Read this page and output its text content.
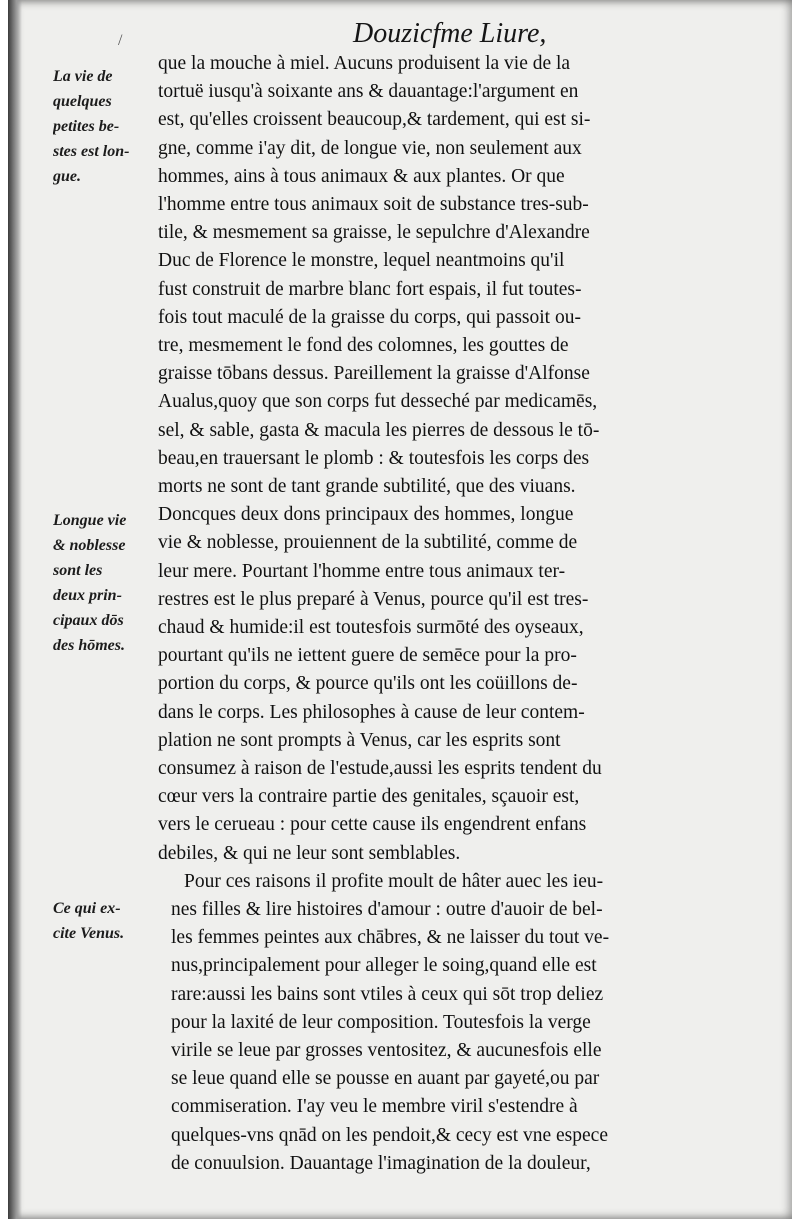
/	Douzicfme Liure,
La vie de
quelques
petites be-
stes est lon-
gue.
Longue vie
& noblesse
sont les
deux prin-
cipaux dōs
des hōmes.
Ce qui ex-
cite Venus.
que la mouche à miel. Aucuns produisent la vie de la
tortuë iusqu'à soixante ans & dauantage:l'argument en
est, qu'elles croissent beaucoup,& tardement, qui est si-
gne, comme i'ay dit, de longue vie, non seulement aux
hommes, ains à tous animaux & aux plantes. Or que
l'homme entre tous animaux soit de substance tres-sub-
tile, & mesmement sa graisse, le sepulchre d'Alexandre
Duc de Florence le monstre, lequel neantmoins qu'il
fust construit de marbre blanc fort espais, il fut toutes-
fois tout maculé de la graisse du corps, qui passoit ou-
tre, mesmement le fond des colomnes, les gouttes de
graisse tōbans dessus. Pareillement la graisse d'Alfonse
Aualus,quoy que son corps fut desseché par medicamēs,
sel, & sable, gasta & macula les pierres de dessous le tō-
beau,en trauersant le plomb : & toutesfois les corps des
morts ne sont de tant grande subtilité, que des viuans.
Doncques deux dons principaux des hommes, longue
vie & noblesse, prouiennent de la subtilité, comme de
leur mere. Pourtant l'homme entre tous animaux ter-
restres est le plus preparé à Venus, pource qu'il est tres-
chaud & humide:il est toutesfois surmōté des oyseaux,
pourtant qu'ils ne iettent guere de semēce pour la pro-
portion du corps, & pource qu'ils ont les coüillons de-
dans le corps. Les philosophes à cause de leur contem-
plation ne sont prompts à Venus, car les esprits sont
consumez à raison de l'estude,aussi les esprits tendent du
cœur vers la contraire partie des genitales, sçauoir est,
vers le cerueau : pour cette cause ils engendrent enfans
debiles, & qui ne leur sont semblables.
Pour ces raisons il profite moult de hâter auec les ieu-
nes filles & lire histoires d'amour : outre d'auoir de bel-
les femmes peintes aux chābres, & ne laisser du tout ve-
nus,principalement pour alleger le soing,quand elle est
rare:aussi les bains sont vtiles à ceux qui sōt trop deliez
pour la laxité de leur composition. Toutesfois la verge
virile se leue par grosses ventositez, & aucunesfois elle
se leue quand elle se pousse en auant par gayeté,ou par
commiseration. I'ay veu le membre viril s'estendre à
quelques-vns qnād on les pendoit,& cecy est vne espece
de conuulsion. Dauantage l'imagination de la douleur,
